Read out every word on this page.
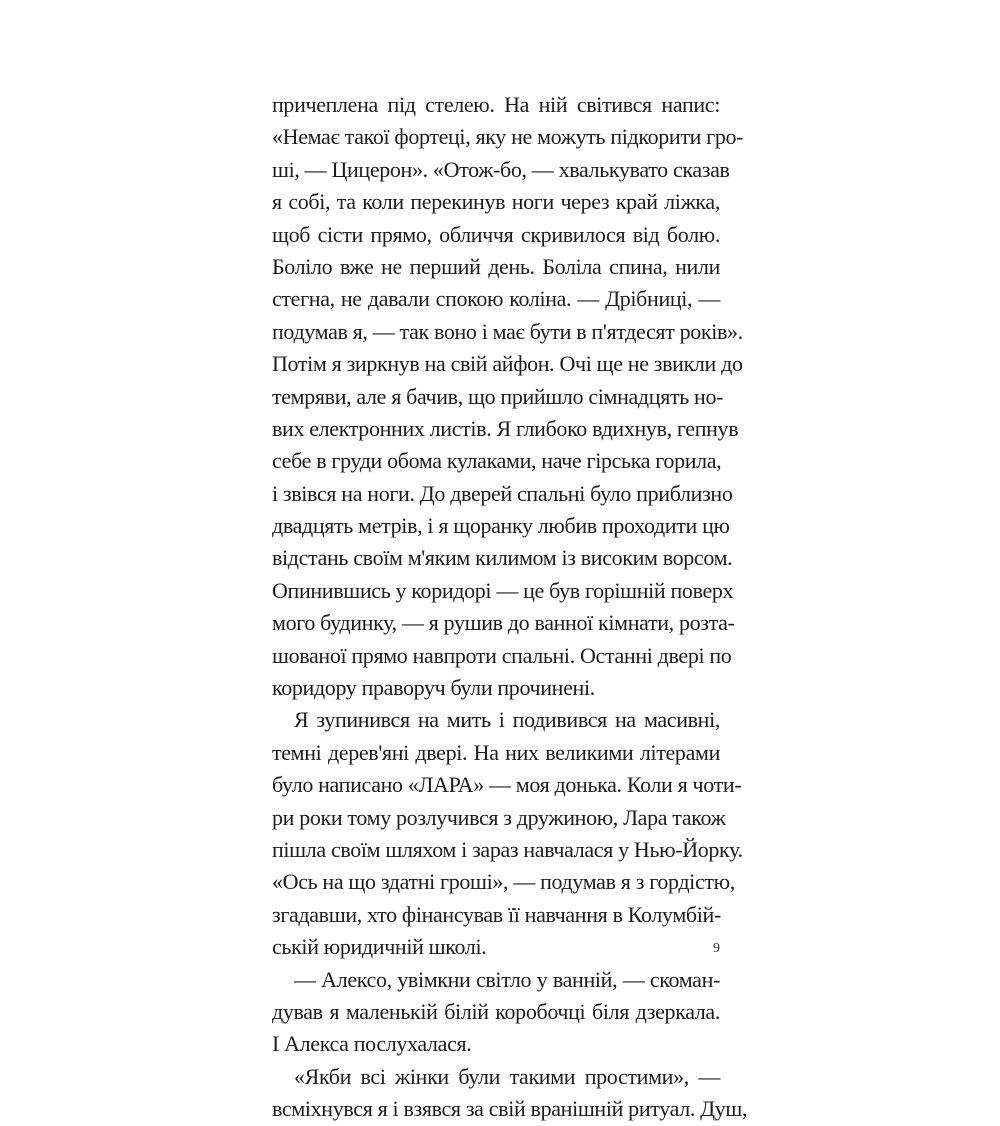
причеплена під стелею. На ній світився напис:
«Немає такої фортеці, яку не можуть підкорити гро-
ші, — Цицерон». «Отож-бо, — хвалькувато сказав
я собі, та коли перекинув ноги через край ліжка,
щоб сісти прямо, обличчя скривилося від болю.
Боліло вже не перший день. Боліла спина, нили
стегна, не давали спокою коліна. — Дрібниці, —
подумав я, — так воно і має бути в п'ятдесят років».
Потім я зиркнув на свій айфон. Очі ще не звикли до
темряви, але я бачив, що прийшло сімнадцять но-
вих електронних листів. Я глибоко вдихнув, гепнув
себе в груди обома кулаками, наче гірська горила,
і звівся на ноги. До дверей спальні було приблизно
двадцять метрів, і я щоранку любив проходити цю
відстань своїм м'яким килимом із високим ворсом.
Опинившись у коридорі — це був горішній поверх
мого будинку, — я рушив до ванної кімнати, розта-
шованої прямо навпроти спальні. Останні двері по
коридору праворуч були прочинені.
Я зупинився на мить і подивився на масивні,
темні дерев'яні двері. На них великими літерами
було написано «ЛАРА» — моя донька. Коли я чоти-
ри роки тому розлучився з дружиною, Лара також
пішла своїм шляхом і зараз навчалася у Нью-Йорку.
«Ось на що здатні гроші», — подумав я з гордістю,
згадавши, хто фінансував її навчання в Колумбій-
ській юридичній школі.
— Алексо, увімкни світло у ванній, — скоман-
дував я маленькій білій коробочці біля дзеркала.
І Алекса послухалася.
«Якби всі жінки були такими простими», —
всміхнувся я і взявся за свій вранішній ритуал. Душ,
9
